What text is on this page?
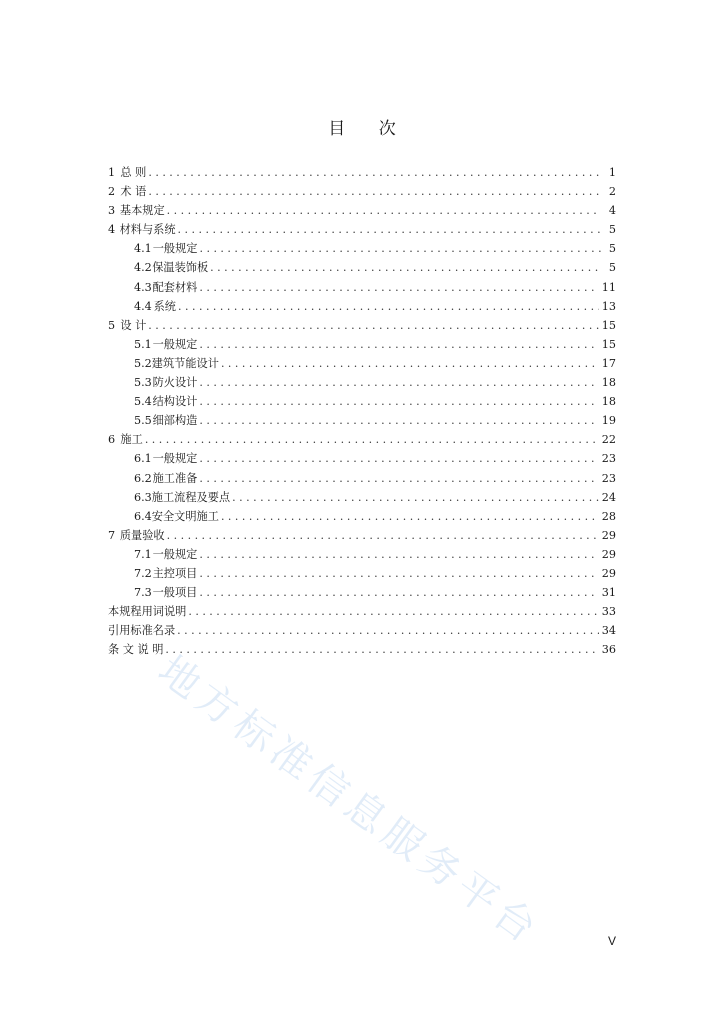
目 次
1 总 则 . . .	1
2 术 语 . . .	2
3 基本规定 . . .	4
4 材料与系统 . . .	5
4.1 一般规定 . . .	5
4.2 保温装饰板 . . .	5
4.3 配套材料 . . .	11
4.4 系统 . . .	13
5 设 计 . . .	15
5.1 一般规定 . . .	15
5.2 建筑节能设计 . . .	17
5.3 防火设计 . . .	18
5.4 结构设计 . . .	18
5.5 细部构造 . . .	19
6 施工 . . .	22
6.1 一般规定 . . .	23
6.2 施工准备 . . .	23
6.3 施工流程及要点 . . .	24
6.4 安全文明施工 . . .	28
7 质量验收 . . .	29
7.1 一般规定 . . .	29
7.2 主控项目 . . .	29
7.3 一般项目 . . .	31
本规程用词说明 . . .	33
引用标准名录 . . .	34
条 文 说 明 . . .	36
V
地方标准信息服务平台
